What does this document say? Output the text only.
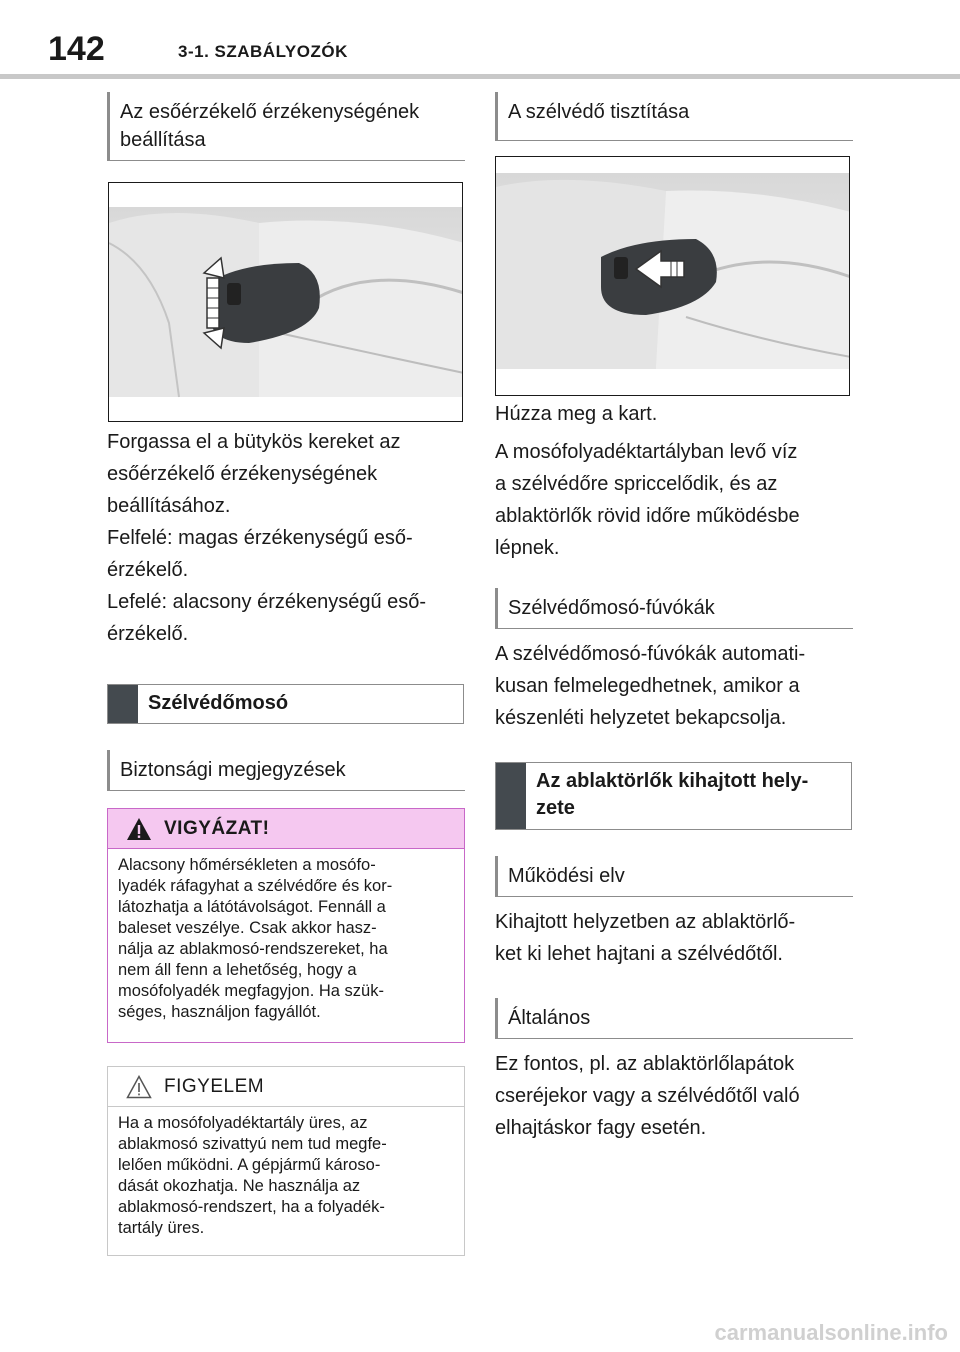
142	3-1. SZABÁLYOZÓK
Az esőérzékelő érzékenységének
beállítása
Forgassa el a bütykös kereket az
esőérzékelő érzékenységének
beállításához.
Felfelé: magas érzékenységű eső-
érzékelő.
Lefelé: alacsony érzékenységű eső-
érzékelő.
Szélvédőmosó
Biztonsági megjegyzések
VIGYÁZAT!
Alacsony hőmérsékleten a mosófo-
lyadék ráfagyhat a szélvédőre és kor-
látozhatja a látótávolságot. Fennáll a
baleset veszélye. Csak akkor hasz-
nálja az ablakmosó-rendszereket, ha
nem áll fenn a lehetőség, hogy a
mosófolyadék megfagyjon. Ha szük-
séges, használjon fagyállót.
FIGYELEM
Ha a mosófolyadéktartály üres, az
ablakmosó szivattyú nem tud megfe-
lelően működni. A gépjármű károso-
dását okozhatja. Ne használja az
ablakmosó-rendszert, ha a folyadék-
tartály üres.
A szélvédő tisztítása
Húzza meg a kart.
A mosófolyadéktartályban levő víz
a szélvédőre spriccelődik, és az
ablaktörlők rövid időre működésbe
lépnek.
Szélvédőmosó-fúvókák
A szélvédőmosó-fúvókák automati-
kusan felmelegedhetnek, amikor a
készenléti helyzetet bekapcsolja.
Az ablaktörlők kihajtott hely-
zete
Működési elv
Kihajtott helyzetben az ablaktörlő-
ket ki lehet hajtani a szélvédőtől.
Általános
Ez fontos, pl. az ablaktörlőlapátok
cseréjekor vagy a szélvédőtől való
elhajtáskor fagy esetén.
carmanualsonline.info
